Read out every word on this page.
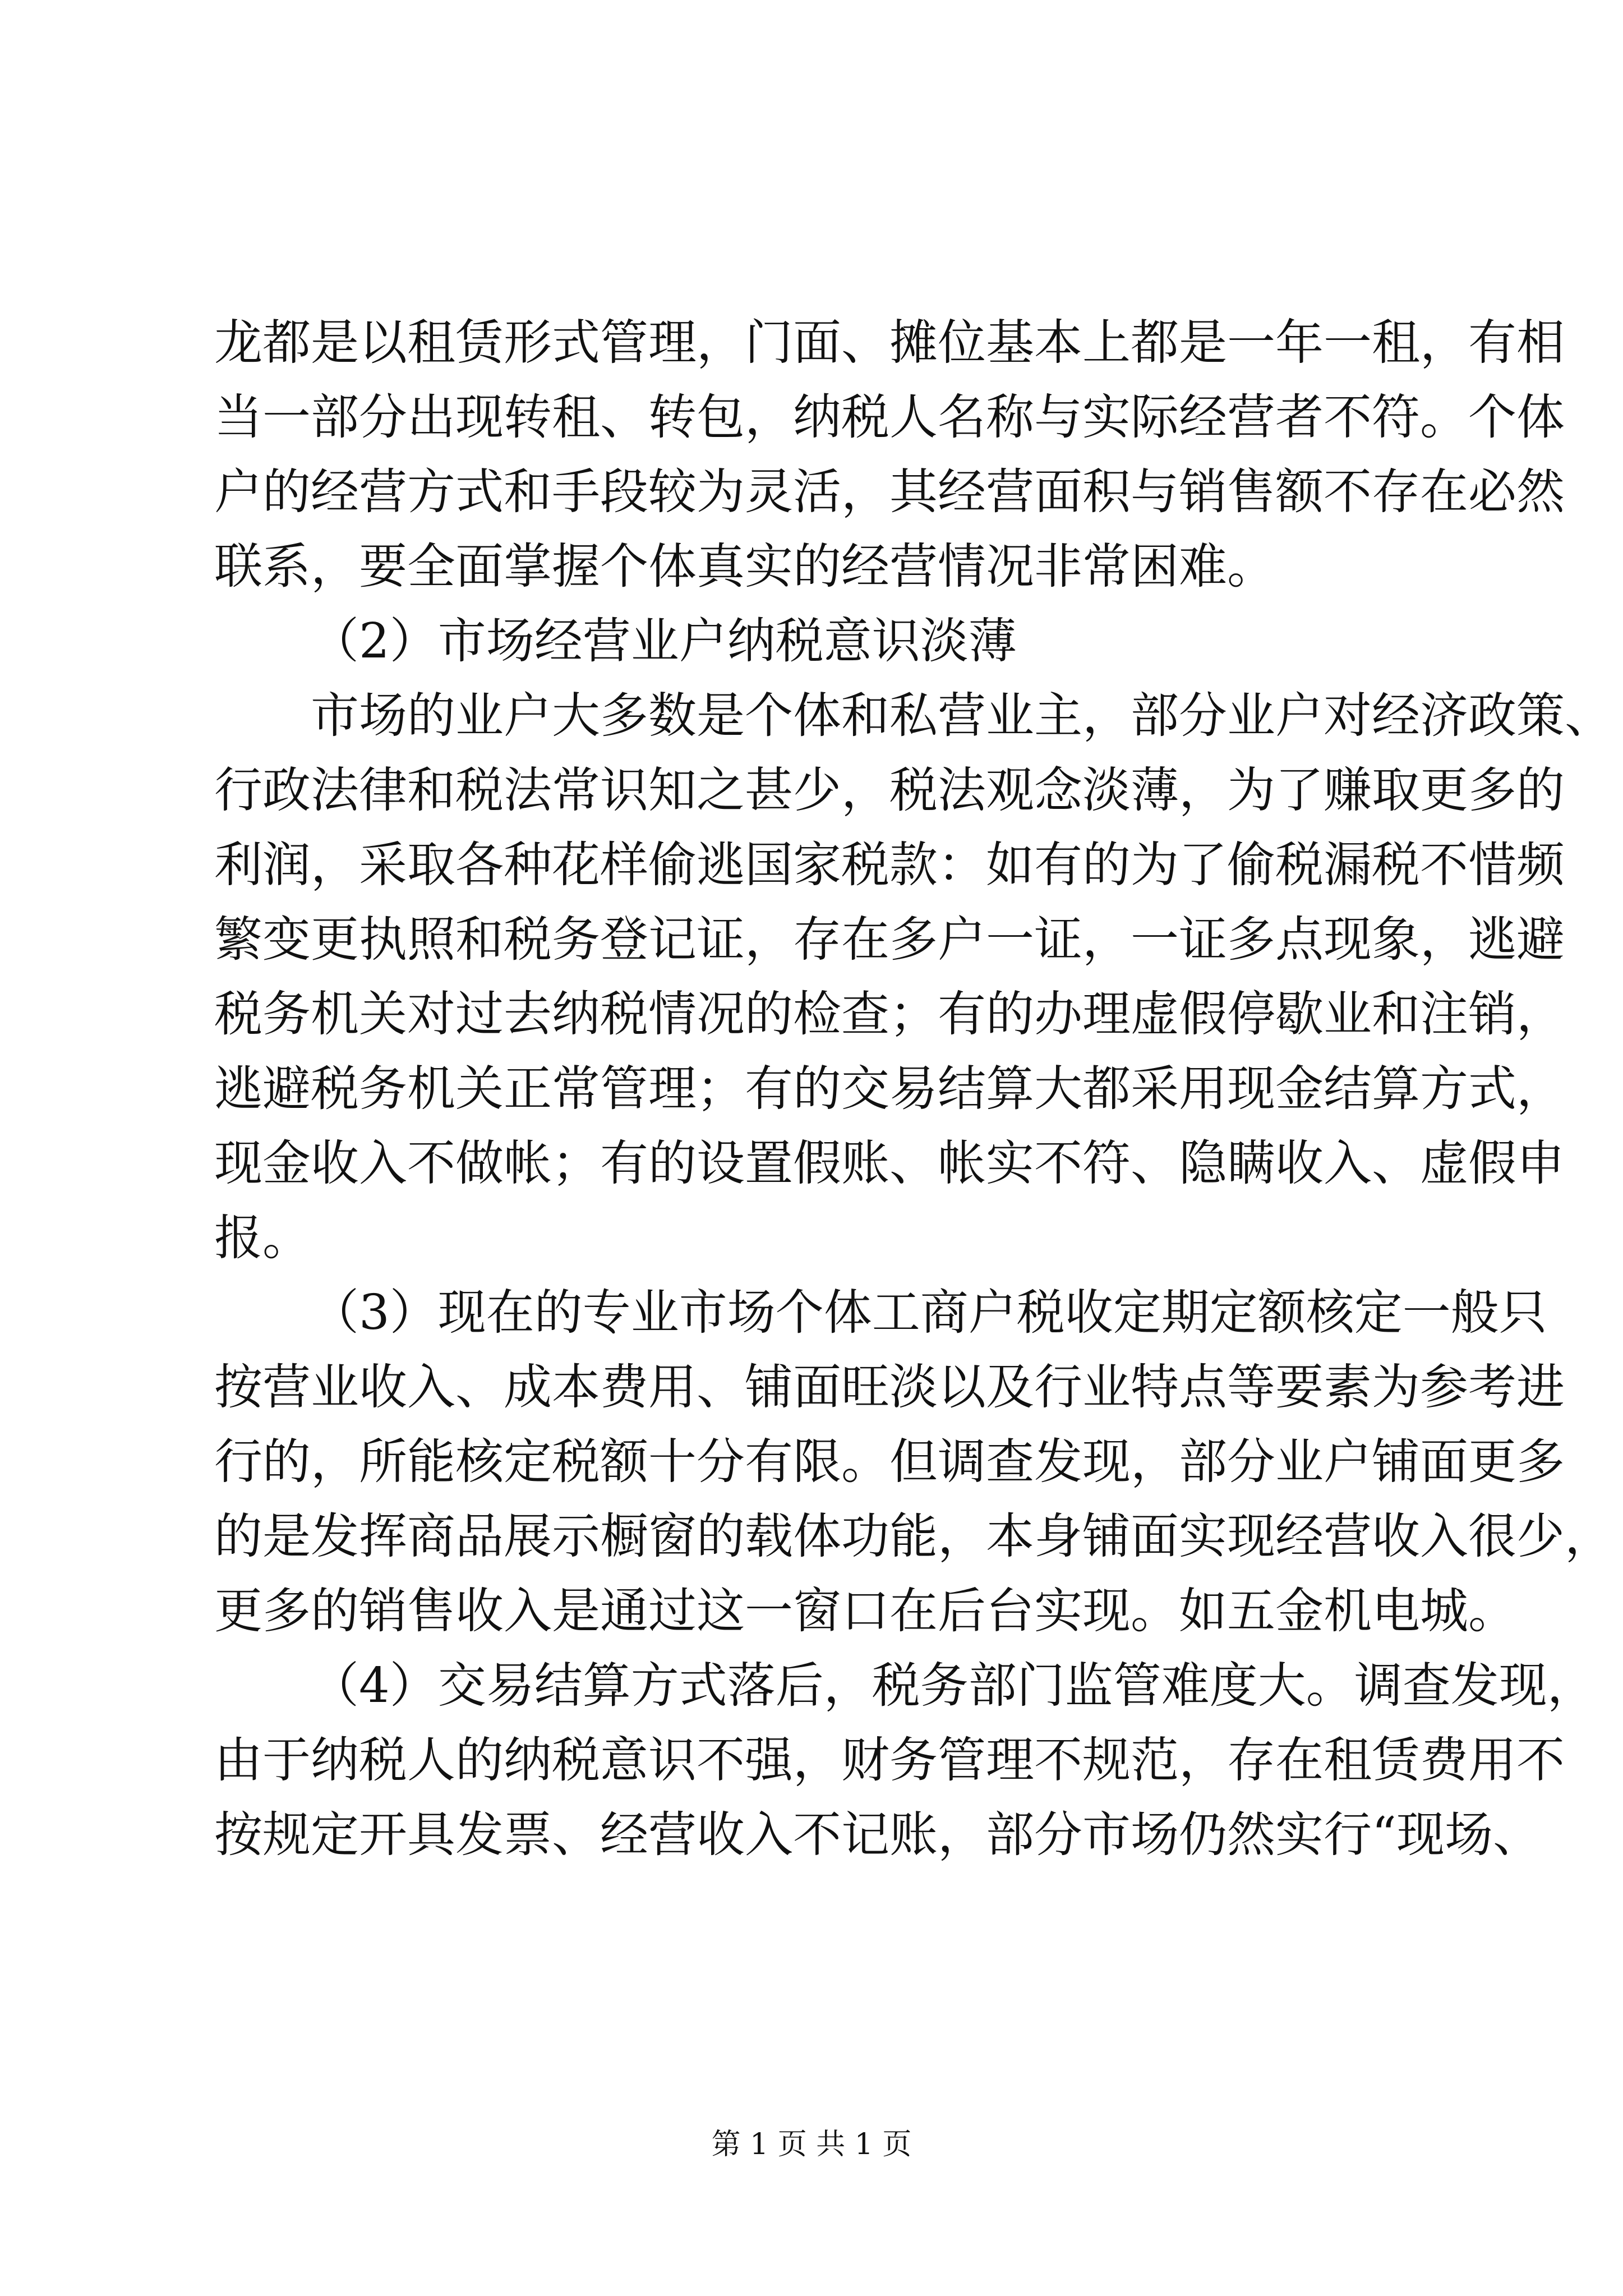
龙都是以租赁形式管理，门面、摊位基本上都是一年一租，有相
当一部分出现转租、转包，纳税人名称与实际经营者不符。个体
户的经营方式和手段较为灵活，其经营面积与销售额不存在必然
联系，要全面掌握个体真实的经营情况非常困难。
（2）市场经营业户纳税意识淡薄
市场的业户大多数是个体和私营业主，部分业户对经济政策、
行政法律和税法常识知之甚少，税法观念淡薄，为了赚取更多的
利润，采取各种花样偷逃国家税款：如有的为了偷税漏税不惜频
繁变更执照和税务登记证，存在多户一证，一证多点现象，逃避
税务机关对过去纳税情况的检查；有的办理虚假停歇业和注销，
逃避税务机关正常管理；有的交易结算大都采用现金结算方式，
现金收入不做帐；有的设置假账、帐实不符、隐瞒收入、虚假申
报。
（3）现在的专业市场个体工商户税收定期定额核定一般只
按营业收入、成本费用、铺面旺淡以及行业特点等要素为参考进
行的，所能核定税额十分有限。但调查发现，部分业户铺面更多
的是发挥商品展示橱窗的载体功能，本身铺面实现经营收入很少，
更多的销售收入是通过这一窗口在后台实现。如五金机电城。
（4）交易结算方式落后，税务部门监管难度大。调查发现，
由于纳税人的纳税意识不强，财务管理不规范，存在租赁费用不
按规定开具发票、经营收入不记账，部分市场仍然实行“现场、
第 1 页 共 1 页
